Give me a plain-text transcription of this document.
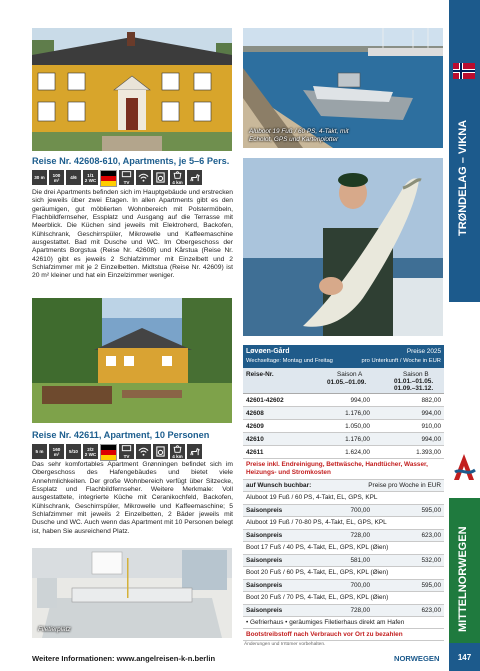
Aluboot 19 Fuß / 60 PS, 4-Takt, mit
Echolot, GPS und Kartenplotter
Filetierplatz
Reise Nr. 42608-610, Apartments, je 5–6 Pers.
30 m 100
m² 4/6 1/1
2 WC	TV	4 km
Die drei Apartments befinden sich im Hauptgebäude und erstrecken sich jeweils über zwei Etagen. In allen Apartments gibt es den geräumigen, gut möblierten Wohnbereich mit Polstermöbeln, Flachbildfernseher, Essplatz und Ausgang auf die Terrasse mit Meerblick. Die Küchen sind jeweils mit Elektroherd, Backofen, Kühlschrank, Geschirrspüler, Mikrowelle und Kaffeemaschine ausgestattet. Bad mit Dusche und WC. Im Obergeschoss der Apartments Borgstua (Reise Nr. 42608) und Kårstua (Reise Nr. 42610) gibt es jeweils 2 Schlafzimmer mit Einzelbett und 2 Schlafzimmer mit je 2 Einzelbetten. Midtstua (Reise Nr. 42609) ist 20 m² kleiner und hat ein Einzelzimmer weniger.
Reise Nr. 42611, Apartment, 10 Personen
5 m 160
m² 5/10 2/2
2 WC	TV	4 km
Das sehr komfortables Apartment Grønningen befindet sich im Obergeschoss des Hafengebäudes und bietet viele Annehmlichkeiten. Der große Wohnbereich verfügt über Sitzecke, Essplatz und Flachbildfernseher. Weitere Merkmale: Voll ausgestattete, integrierte Küche mit Ceranikochfeld, Backofen, Kühlschrank, Geschirrspüler, Mikrowelle und Kaffeemaschine; 5 Schlafzimmer mit jeweils 2 Einzelbetten, 2 Bäder jeweils mit Dusche und WC. Auch wenn das Apartment mit 10 Personen belegt ist, haben Sie ausreichend Platz.
Løvøen-Gård	Preise 2025
Wechseltage: Montag und Freitag	pro Unterkunft / Woche in EUR
Reise-Nr.	Saison A
01.05.–01.09.
Saison B
01.01.–01.05.
01.09.–31.12.
42601-42602	994,00	882,00
42608	1.176,00	994,00
42609	1.050,00	910,00
42610	1.176,00	994,00
42611	1.624,00	1.393,00
Preise inkl. Endreinigung, Bettwäsche, Handtücher, Wasser, Heizungs- und Stromkosten
auf Wunsch buchbar:	Preise pro Woche in EUR
Aluboot 19 Fuß / 60 PS, 4-Takt, EL, GPS, KPL
Saisonpreis	700,00	595,00
Aluboot 19 Fuß / 70-80 PS, 4-Takt, EL, GPS, KPL
Saisonpreis	728,00	623,00
Boot 17 Fuß / 40 PS, 4-Takt, EL, GPS, KPL (Øien)
Saisonpreis	581,00	532,00
Boot 20 Fuß / 60 PS, 4-Takt, EL, GPS, KPL (Øien)
Saisonpreis	700,00	595,00
Boot 20 Fuß / 70 PS, 4-Takt, EL, GPS, KPL (Øien)
Saisonpreis	728,00	623,00
• Gefrierhaus • geräumiges Filetierhaus direkt am Hafen
Bootstreibstoff nach Verbrauch vor Ort zu bezahlen
Änderungen und Irrtümer vorbehalten.
TRØNDELAG – VIKNA
MITTELNORWEGEN
Weitere Informationen: www.angelreisen-k-n.berlin	NORWEGEN	147
